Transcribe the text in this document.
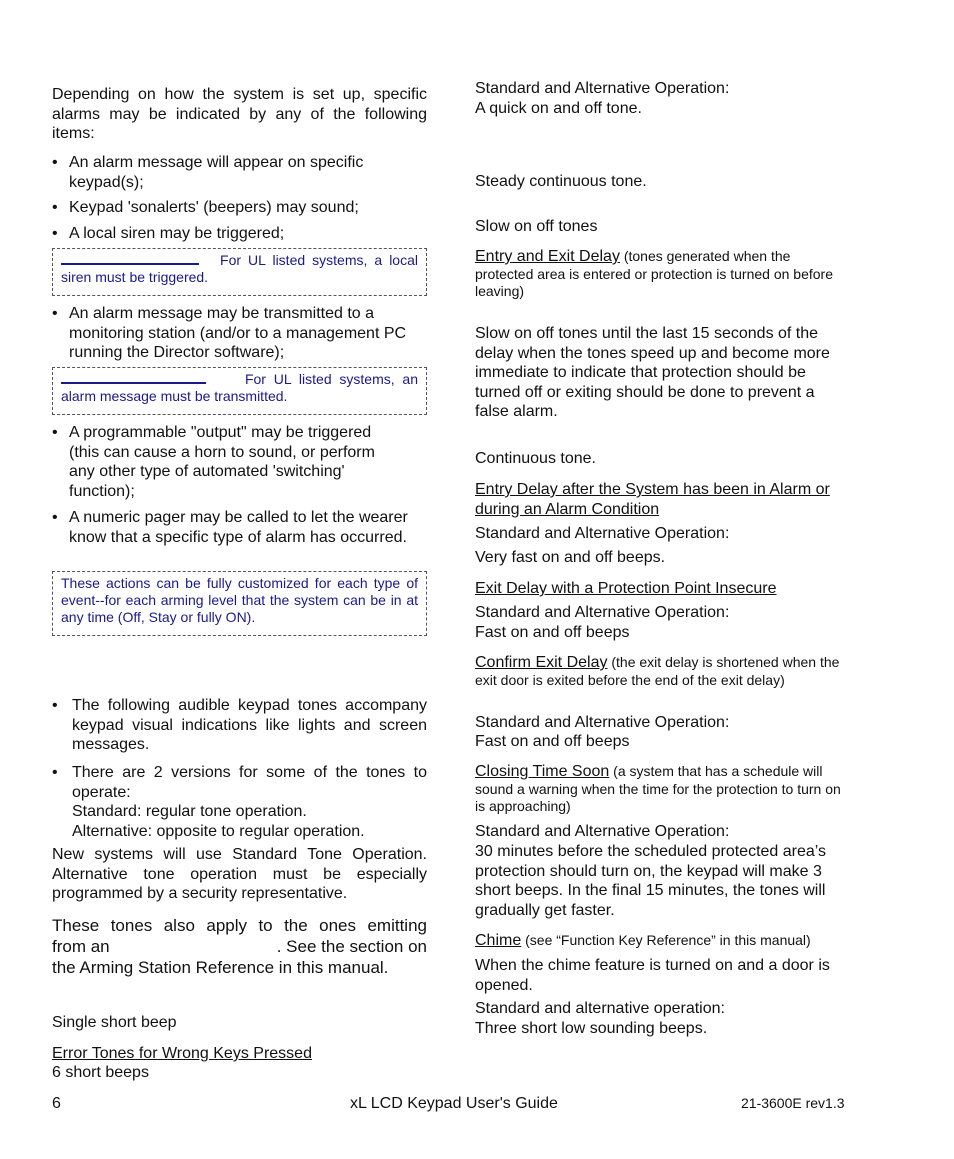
Depending on how the system is set up, specific alarms may be indicated by any of the following items:

• An alarm message will appear on specific keypad(s);
• Keypad 'sonalerts' (beepers) may sound;
• A local siren may be triggered;
For UL listed systems, a local siren must be triggered.
• An alarm message may be transmitted to a monitoring station (and/or to a management PC running the Director software);
For UL listed systems, an alarm message must be transmitted.
• A programmable "output" may be triggered (this can cause a horn to sound, or perform any other type of automated 'switching' function);
• A numeric pager may be called to let the wearer know that a specific type of alarm has occurred.
These actions can be fully customized for each type of event--for each arming level that the system can be in at any time (Off, Stay or fully ON).
• The following audible keypad tones accompany keypad visual indications like lights and screen messages.
• There are 2 versions for some of the tones to operate:
Standard: regular tone operation.
Alternative: opposite to regular operation.

New systems will use Standard Tone Operation. Alternative tone operation must be especially programmed by a security representative.

These tones also apply to the ones emitting
from an	. See the section on
the Arming Station Reference in this manual.

Single short beep

Error Tones for Wrong Keys Pressed

6 short beeps

Standard and Alternative Operation:

A quick on and off tone.

Steady continuous tone.

Slow on off tones

Entry and Exit Delay (tones generated when the protected area is entered or protection is turned on before leaving)

Slow on off tones until the last 15 seconds of the delay when the tones speed up and become more immediate to indicate that protection should be turned off or exiting should be done to prevent a false alarm.

Continuous tone.

Entry Delay after the System has been in Alarm or during an Alarm Condition

Standard and Alternative Operation:

Very fast on and off beeps.

Exit Delay with a Protection Point Insecure

Standard and Alternative Operation:

Fast on and off beeps

Confirm Exit Delay (the exit delay is shortened when the exit door is exited before the end of the exit delay)

Standard and Alternative Operation:

Fast on and off beeps

Closing Time Soon (a system that has a schedule will sound a warning when the time for the protection to turn on is approaching)

Standard and Alternative Operation:

30 minutes before the scheduled protected area’s protection should turn on, the keypad will make 3 short beeps. In the final 15 minutes, the tones will gradually get faster.

Chime (see “Function Key Reference” in this manual)

When the chime feature is turned on and a door is opened.

Standard and alternative operation:

Three short low sounding beeps.

6	xL LCD Keypad User's Guide	21-3600E rev1.3
